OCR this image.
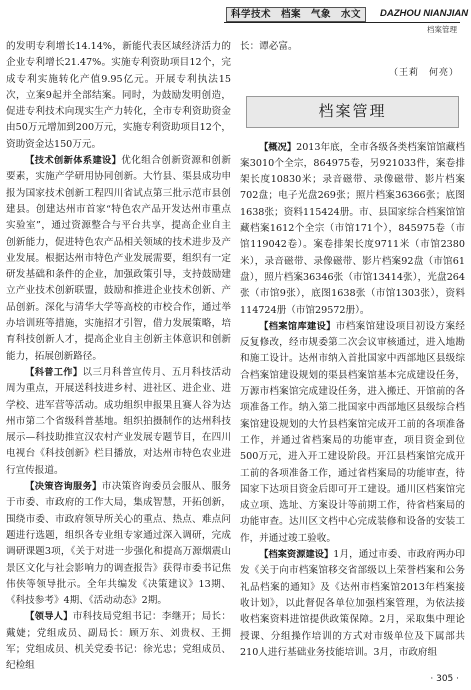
科学技术　档案　气象　水文	DAZHOU NIANJIAN
档案管理

的发明专利增长14.14%，新能代表区域经济活力的企业专利增长21.47%。实施专利资助项目12个，完成专利实施转化产值9.95亿元。开展专利执法15次，立案9起并全部结案。同时，为鼓励发明创造，促进专利技术向现实生产力转化，全市专利资助资金由50万元增加到200万元，实施专利资助项目12个，资助资金达150万元。

【技术创新体系建设】优化组合创新资源和创新要素，实施产学研用协同创新。大竹县、渠县成功申报为国家技术创新工程四川省试点第三批示范市县创建县。创建达州市首家“特色农产品开发达州市重点实验室”，通过资源整合与平台共享，提高企业自主创新能力，促进特色农产品相关领域的技术进步及产业发展。根据达州市特色产业发展需要，组织有一定研发基础和条件的企业，加强政策引导，支持鼓励建立产业技术创新联盟，鼓励和推进企业技术创新、产品创新。深化与清华大学等高校的市校合作，通过举办培训班等措施，实施招才引智，借力发展策略，培育科技创新人才，提高企业自主创新主体意识和创新能力，拓展创新路径。

【科普工作】以三月科普宣传月、五月科技活动周为重点，开展送科技进乡村、进社区、进企业、进学校、进军营等活动。成功组织申报果且赛人谷为达州市第二个省级科普基地。组织拍摄制作的达州科技展示—科技助推宣汉农村产业发展专题节目，在四川电视台《科技创新》栏目播放，对达州市特色农业进行宣传报道。

【决策咨询服务】市决策咨询委员会服从、服务于市委、市政府的工作大局，集成智慧，开拓创新，围绕市委、市政府领导所关心的重点、热点、难点问题进行选题，组织各专业组专家通过深入调研，完成调研课题3项，《关于对进一步强化和提高万源烟震山景区文化与社会影响力的调查报告》获得市委书记焦伟侠等领导批示。全年共编发《决策建议》13期、《科技参考》4期、《活动动态》2期。

【领导人】市科技局党组书记：李继开；局长：戴婕；党组成员、副局长：顾万东、刘贵权、王拥军；党组成员、机关党委书记：徐光忠；党组成员、纪检组

长：谭必富。

（王莉　何亮）
档案管理

【概况】2013年底，全市各级各类档案馆馆藏档案3010个全宗，864975卷，另921033件，案卷排架长度10830米；录音磁带、录像磁带、影片档案702盘；电子光盘269张；照片档案36366张；底图1638张；资料115424册。市、县国家综合档案馆馆藏档案1612个全宗（市馆171个），845975卷（市馆119042卷）。案卷排架长度9711米（市馆2380米），录音磁带、录像磁带、影片档案92盘（市馆61盘），照片档案36346张（市馆13414张），光盘264张（市馆9张），底图1638张（市馆1303张），资料114724册（市馆29572册）。

【档案馆库建设】市档案馆建设项目初设方案经反复修改，经市规委第二次会议审核通过，进入地勘和施工设计。达州市纳入首批国家中西部地区县级综合档案馆建设规划的渠县档案馆基本完成建设任务，万源市档案馆完成建设任务，进入搬迁、开馆前的各项准备工作。纳入第二批国家中西部地区县级综合档案馆建设规划的大竹县档案馆完成开工前的各项准备工作，并通过省档案局的功能审查，项目资金到位500万元，进入开工建设阶段。开江县档案馆完成开工前的各项准备工作，通过省档案局的功能审查，待国家下达项目资金后即可开工建设。通川区档案馆完成立项、选址、方案设计等前期工作，待省档案局的功能审查。达川区文档中心完成装修和设备的安装工作，并通过竣工验收。

【档案资源建设】1月，通过市委、市政府两办印发《关于向市档案馆移交省部级以上荣誉档案和公务礼品档案的通知》及《达州市档案馆2013年档案接收计划》，以此督促各单位加强档案管理，为依法接收档案资料进馆提供政策保障。2月，采取集中理论授课、分组操作培训的方式对市级单位及下属部共210人进行基础业务技能培训。3月，市政府组

· 305 ·
